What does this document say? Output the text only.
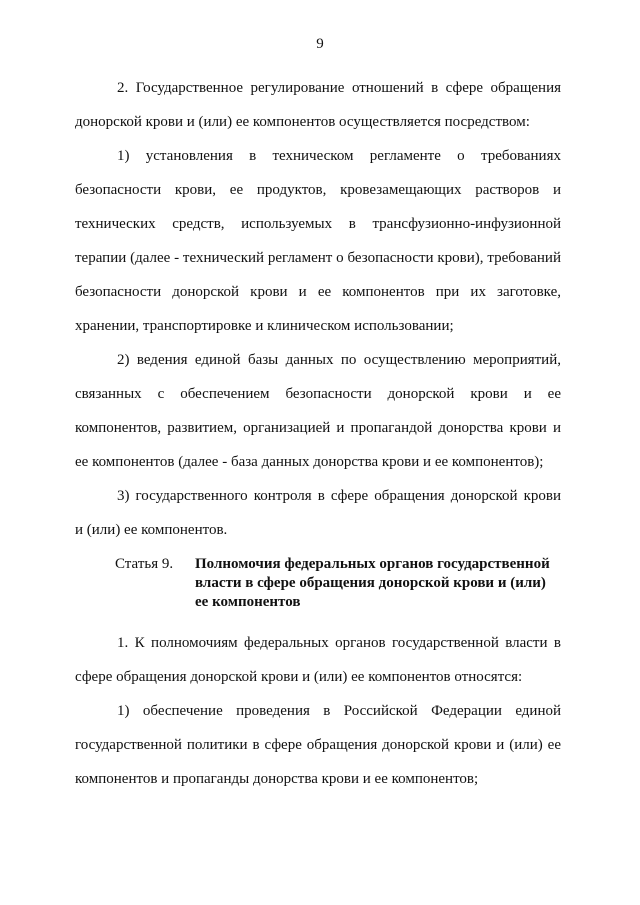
9
2. Государственное регулирование отношений в сфере обращения
донорской крови и (или) ее компонентов осуществляется посредством:
1) установления в техническом регламенте о требованиях
безопасности крови, ее продуктов, кровезамещающих растворов и
технических средств, используемых в трансфузионно-инфузионной
терапии (далее - технический регламент о безопасности крови), требований
безопасности донорской крови и ее компонентов при их заготовке,
хранении, транспортировке и клиническом использовании;
2) ведения единой базы данных по осуществлению мероприятий,
связанных с обеспечением безопасности донорской крови и ее
компонентов, развитием, организацией и пропагандой донорства крови и
ее компонентов (далее - база данных донорства крови и ее компонентов);
3) государственного контроля в сфере обращения донорской крови
и (или) ее компонентов.
Статья 9.	Полномочия федеральных органов государственной
власти в сфере обращения донорской крови и (или)
ее компонентов
1. К полномочиям федеральных органов государственной власти в
сфере обращения донорской крови и (или) ее компонентов относятся:
1) обеспечение проведения в Российской Федерации единой
государственной политики в сфере обращения донорской крови и (или) ее
компонентов и пропаганды донорства крови и ее компонентов;
